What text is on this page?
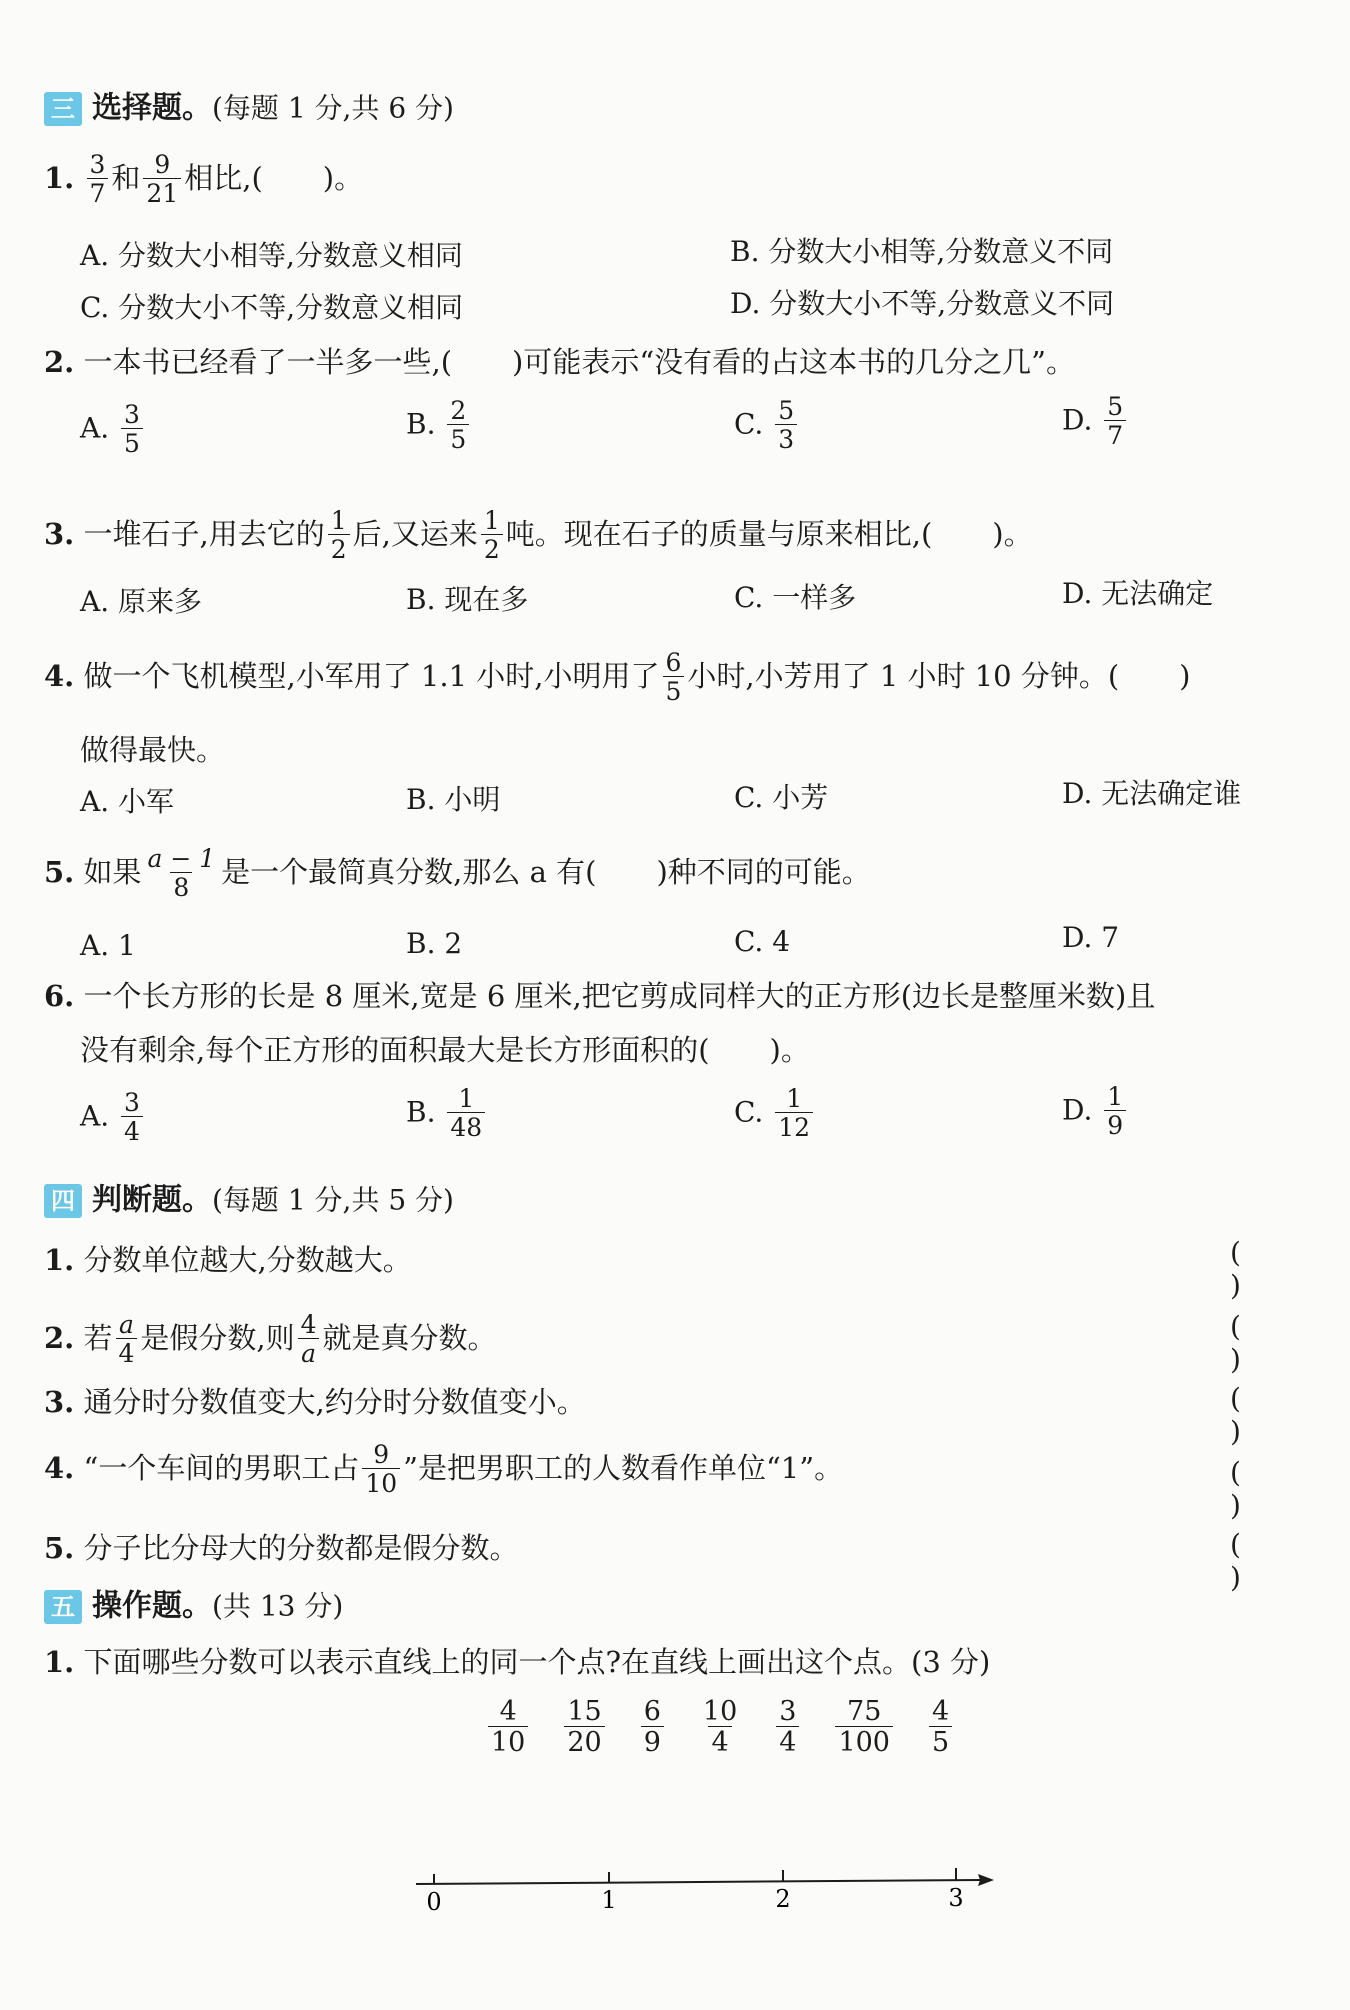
三 选择题。(每题 1 分,共 6 分)
1. $\frac{3}{7}$ 和 $\frac{9}{21}$ 相比,( )。
A. 分数大小相等,分数意义相同	B. 分数大小相等,分数意义不同
C. 分数大小不等,分数意义相同	D. 分数大小不等,分数意义不同
2. 一本书已经看了一半多一些,( )可能表示“没有看的占这本书的几分之几”。
A. $\frac{3}{5}$	B. $\frac{2}{5}$	C. $\frac{5}{3}$	D. $\frac{5}{7}$
3. 一堆石子,用去它的 $\frac{1}{2}$ 后,又运来 $\frac{1}{2}$ 吨。现在石子的质量与原来相比,( )。
A. 原来多	B. 现在多	C. 一样多	D. 无法确定
4. 做一个飞机模型,小军用了 1.1 小时,小明用了 $\frac{6}{5}$ 小时,小芳用了 1 小时 10 分钟。( )
做得最快。
A. 小军	B. 小明	C. 小芳	D. 无法确定谁
5. 如果 $\frac{a - 1}{8}$ 是一个最简真分数,那么 a 有( )种不同的可能。
A. 1	B. 2	C. 4	D. 7
6. 一个长方形的长是 8 厘米,宽是 6 厘米,把它剪成同样大的正方形(边长是整厘米数)且
没有剩余,每个正方形的面积最大是长方形面积的( )。
A. $\frac{3}{4}$	B. $\frac{1}{48}$	C. $\frac{1}{12}$	D. $\frac{1}{9}$
四 判断题。(每题 1 分,共 5 分)
1. 分数单位越大,分数越大。
2. 若 $\frac{a}{4}$ 是假分数,则 $\frac{4}{a}$ 就是真分数。
3. 通分时分数值变大,约分时分数值变小。
4. “一个车间的男职工占 $\frac{9}{10}$ ”是把男职工的人数看作单位“1”。
5. 分子比分母大的分数都是假分数。
( )
( )
( )
( )
( )
五 操作题。(共 13 分)
1. 下面哪些分数可以表示直线上的同一个点?在直线上画出这个点。(3 分)
$\frac{4}{10} \frac{15}{20} \frac{6}{9} \frac{10}{4} \frac{3}{4} \frac{75}{100} \frac{4}{5}$
0	1	2	3
